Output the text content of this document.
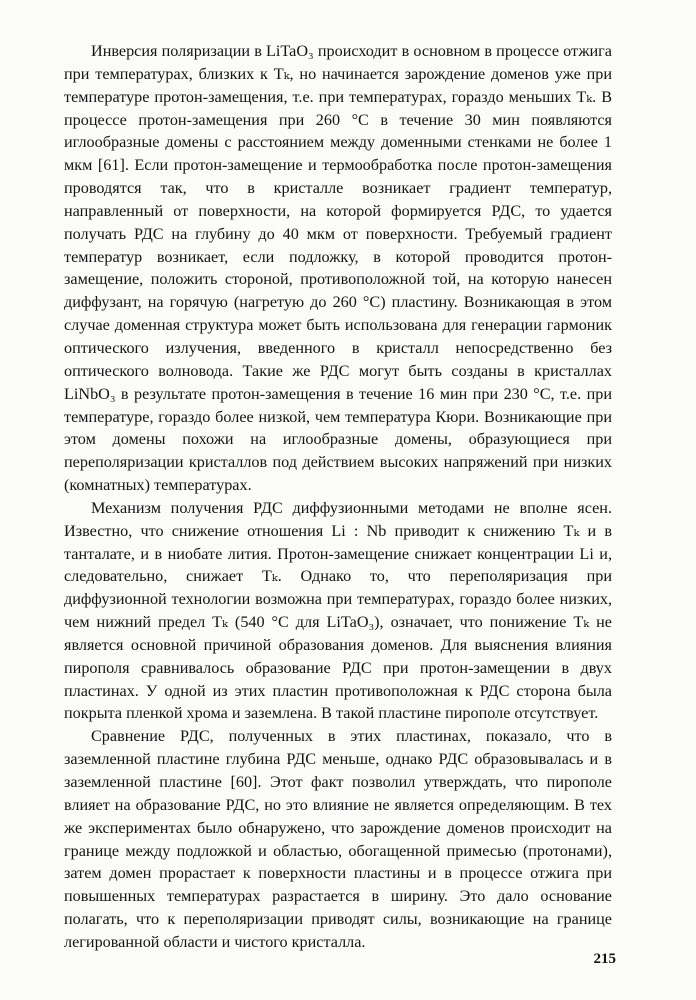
Инверсия поляризации в LiTaO₃ происходит в основном в процессе отжига при температурах, близких к Tₖ, но начинается зарождение доменов уже при температуре протон-замещения, т.е. при температурах, гораздо меньших Tₖ. В процессе протон-замещения при 260 °C в течение 30 мин появляются иглообразные домены с расстоянием между доменными стенками не более 1 мкм [61]. Если протон-замещение и термообработка после протон-замещения проводятся так, что в кристалле возникает градиент температур, направленный от поверхности, на которой формируется РДС, то удается получать РДС на глубину до 40 мкм от поверхности. Требуемый градиент температур возникает, если подложку, в которой проводится протон-замещение, положить стороной, противоположной той, на которую нанесен диффузант, на горячую (нагретую до 260 °C) пластину. Возникающая в этом случае доменная структура может быть использована для генерации гармоник оптического излучения, введенного в кристалл непосредственно без оптического волновода. Такие же РДС могут быть созданы в кристаллах LiNbO₃ в результате протон-замещения в течение 16 мин при 230 °C, т.е. при температуре, гораздо более низкой, чем температура Кюри. Возникающие при этом домены похожи на иглообразные домены, образующиеся при переполяризации кристаллов под действием высоких напряжений при низких (комнатных) температурах.

Механизм получения РДС диффузионными методами не вполне ясен. Известно, что снижение отношения Li : Nb приводит к снижению Tₖ и в танталате, и в ниобате лития. Протон-замещение снижает концентрации Li и, следовательно, снижает Tₖ. Однако то, что переполяризация при диффузионной технологии возможна при температурах, гораздо более низких, чем нижний предел Tₖ (540 °C для LiTaO₃), означает, что понижение Tₖ не является основной причиной образования доменов. Для выяснения влияния пирополя сравнивалось образование РДС при протон-замещении в двух пластинах. У одной из этих пластин противоположная к РДС сторона была покрыта пленкой хрома и заземлена. В такой пластине пирополе отсутствует.

Сравнение РДС, полученных в этих пластинах, показало, что в заземленной пластине глубина РДС меньше, однако РДС образовывалась и в заземленной пластине [60]. Этот факт позволил утверждать, что пирополе влияет на образование РДС, но это влияние не является определяющим. В тех же экспериментах было обнаружено, что зарождение доменов происходит на границе между подложкой и областью, обогащенной примесью (протонами), затем домен прорастает к поверхности пластины и в процессе отжига при повышенных температурах разрастается в ширину. Это дало основание полагать, что к переполяризации приводят силы, возникающие на границе легированной области и чистого кристалла.

215
